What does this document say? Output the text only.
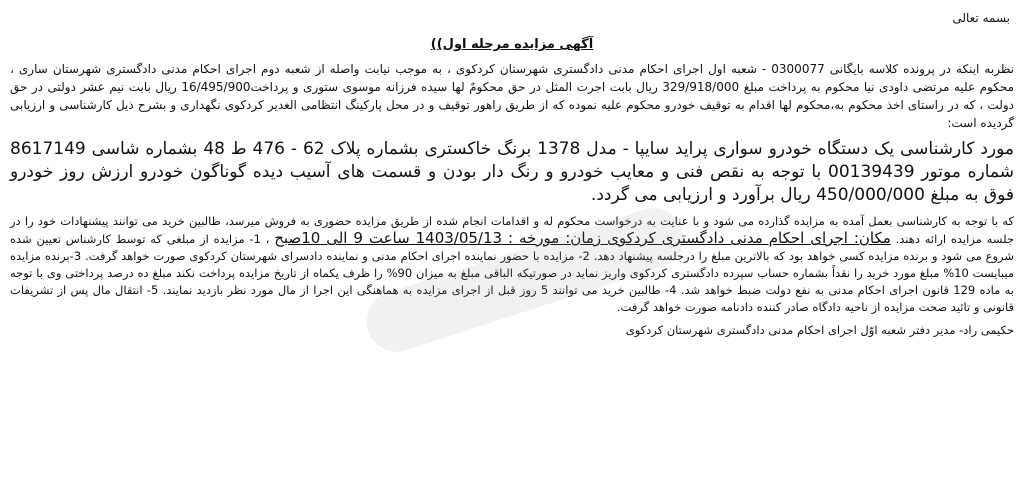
بسمه تعالی
آگهی مزایده مرحله اول))

نظربه اینکه در پرونده کلاسه بایگانی 0300077 - شعبه اول اجرای احکام مدنی دادگستری شهرستان کردکوی ، به موجب نیابت واصله از شعبه دوم اجرای احکام مدنی دادگستری شهرستان ساری ، محکوم علیه مرتضی داودی نیا محکوم به پرداخت مبلغ 329/918/000 ریال بابت اجرت المثل در حق محکومٌ لها سیده فرزانه موسوی ستوری و پرداخت16/495/900 ریال بابت نیم عشر دولتی در حق دولت ، که در راستای اخذ محکوم به،محکوم لها اقدام به توقیف خودرو محکوم علیه نموده که از طریق راهور توقیف و در محل پارکینگ انتظامی الغدیر کردکوی نگهداری و بشرح ذیل کارشناسی و ارزیابی گردیده است:

مورد کارشناسی یک دستگاه خودرو سواری پراید سایپا - مدل 1378 برنگ خاکستری بشماره پلاک 62 - 476 ط 48 بشماره شاسی 8617149 شماره موتور 00139439 با توجه به نقص فنی و معایب خودرو و رنگ دار بودن و قسمت های آسیب دیده گوناگون خودرو ارزش روز خودرو فوق به مبلغ 450/000/000 ریال برآورد و ارزیابی می گردد.

که با توجه به کارشناسی بعمل آمده به مزایده گذارده می شود و با عنایت به درخواست محکوم له و اقدامات انجام شده از طریق مزایده حضوری به فروش میرسد، طالبین خرید می توانند پیشنهادات خود را در جلسه مزایده ارائه دهند. مکان: اجرای احکام مدنی دادگستری کردکوی زمان: مورخه : 1403/05/13 ساعت 9 الی 10صبح ، 1- مزایده از مبلغی که توسط کارشناس تعیین شده شروع می شود و برنده مزایده کسی خواهد بود که بالاترین مبلغ را درجلسه پیشنهاد دهد. 2- مزایده با حضور نماینده اجرای احکام مدنی و نماینده دادسرای شهرستان کردکوی صورت خواهد گرفت. 3-برنده مزایده میبایست 10% مبلغ مورد خرید را نقداً بشماره حساب سپرده دادگستری کردکوی واریز نماید در صورتیکه الباقی مبلغ به میزان 90% را ظرف یکماه از تاریخ مزایده پرداخت نکند مبلغ ده درصد پرداختی وی با توجه به ماده 129 قانون اجرای احکام مدنی به نفع دولت ضبط خواهد شد. 4- طالبین خرید می توانند 5 روز قبل از اجرای مزایده به هماهنگی این اجرا از مال مورد نظر بازدید نمایند. 5- انتقال مال پس از تشریفات قانونی و تائید صحت مزایده از ناحیه دادگاه صادر کننده دادنامه صورت خواهد گرفت.

حکیمی راد- مدیر دفتر شعبه اوّل اجرای احکام مدنی دادگستری شهرستان کردکوی
